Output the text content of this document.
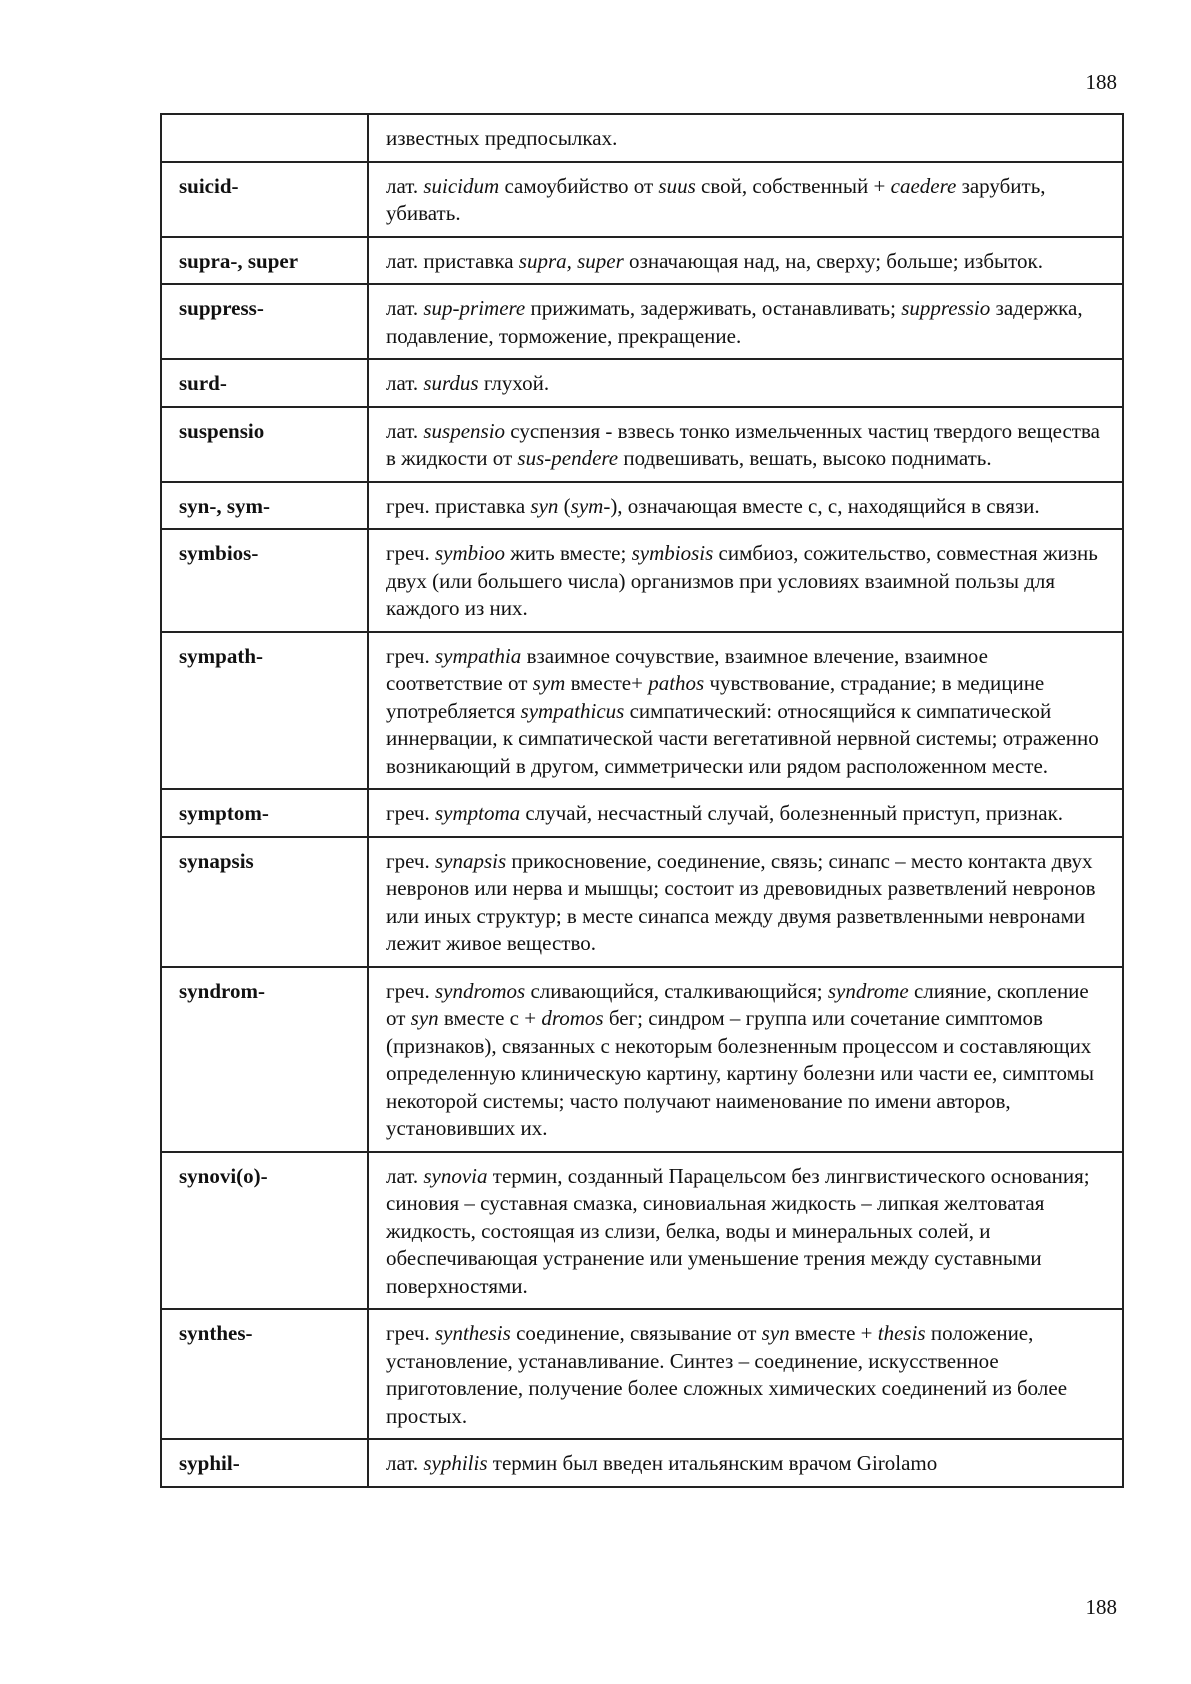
188
	известных предпосылках.
suicid-	лат. suicidum самоубийство от suus свой, собственный + caedere зарубить, убивать.
supra-, super	лат. приставка supra, super означающая над, на, сверху; больше; избыток.
suppress-	лат. sup-primere прижимать, задерживать, останавливать; suppressio задержка, подавление, торможение, прекращение.
surd-	лат. surdus глухой.
suspensio	лат. suspensio суспензия - взвесь тонко измельченных частиц твердого вещества в жидкости от sus-pendere подвешивать, вешать, высоко поднимать.
syn-, sym-	греч. приставка syn (sym-), означающая вместе с, с, находящийся в связи.
symbios-	греч. symbioo жить вместе; symbiosis симбиоз, сожительство, совместная жизнь двух (или большего числа) организмов при условиях взаимной пользы для каждого из них.
sympath-	греч. sympathia взаимное сочувствие, взаимное влечение, взаимное соответствие от sym вместе+ pathos чувствование, страдание; в медицине употребляется sympathicus симпатический: относящийся к симпатической иннервации, к симпатической части вегетативной нервной системы; отраженно возникающий в другом, симметрически или рядом расположенном месте.
symptom-	греч. symptoma случай, несчастный случай, болезненный приступ, признак.
synapsis	греч. synapsis прикосновение, соединение, связь; синапс – место контакта двух невронов или нерва и мышцы; состоит из древовидных разветвлений невронов или иных структур; в месте синапса между двумя разветвленными невронами лежит живое вещество.
syndrom-	греч. syndromos сливающийся, сталкивающийся; syndrome слияние, скопление от syn вместе с + dromos бег; синдром – группа или сочетание симптомов (признаков), связанных с некоторым болезненным процессом и составляющих определенную клиническую картину, картину болезни или части ее, симптомы некоторой системы; часто получают наименование по имени авторов, установивших их.
synovi(o)-	лат. synovia термин, созданный Парацельсом без лингвистического основания; синовия – суставная смазка, синовиальная жидкость – липкая желтоватая жидкость, состоящая из слизи, белка, воды и минеральных солей, и обеспечивающая устранение или уменьшение трения между суставными поверхностями.
synthes-	греч. synthesis соединение, связывание от syn вместе + thesis положение, установление, устанавливание. Синтез – соединение, искусственное приготовление, получение более сложных химических соединений из более простых.
syphil-	лат. syphilis термин был введен итальянским врачом Girolamo
188
